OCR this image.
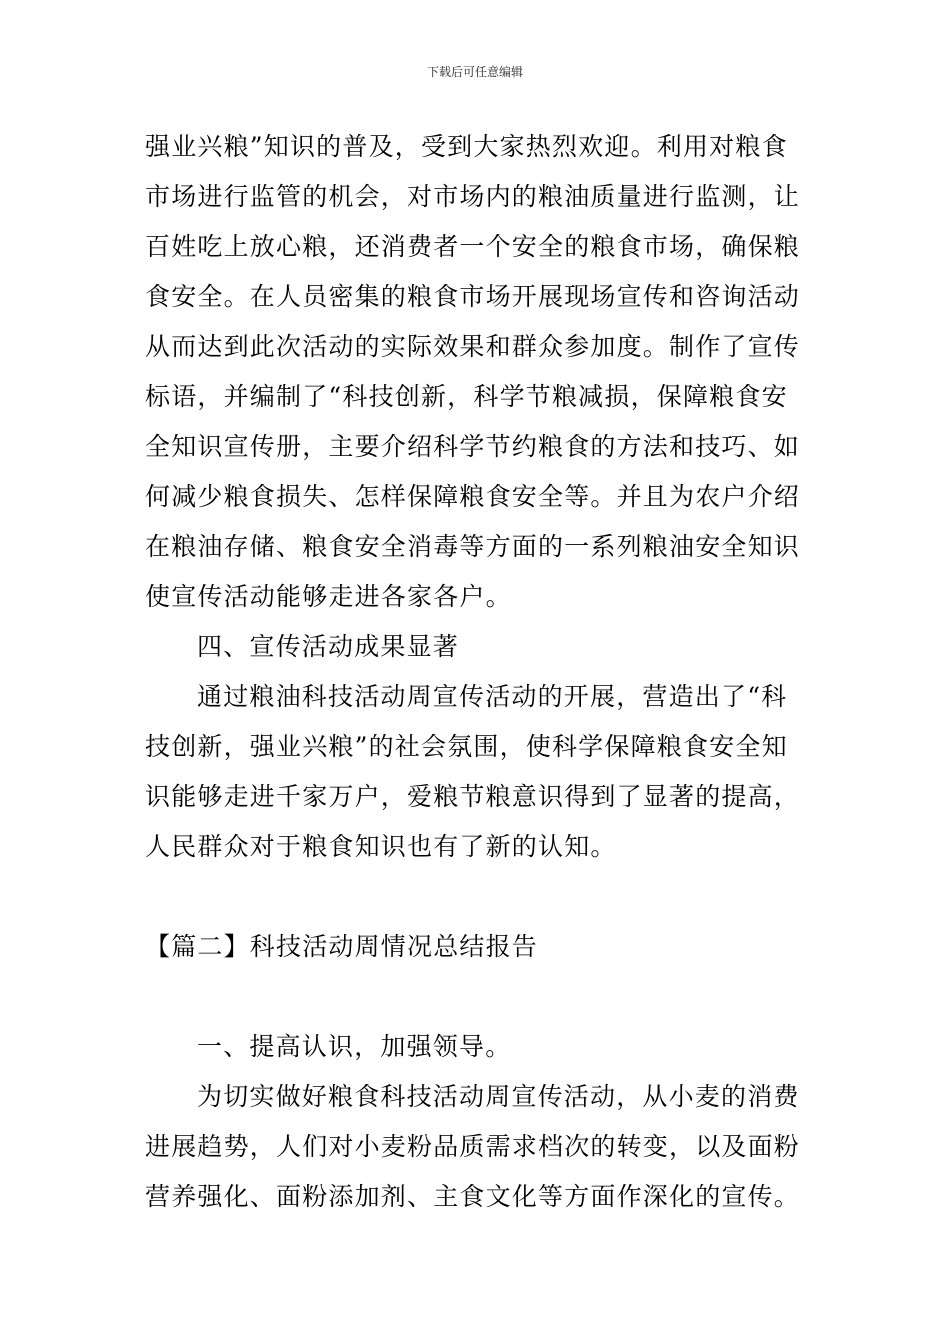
下载后可任意编辑
强业兴粮”知识的普及，受到大家热烈欢迎。利用对粮食
市场进行监管的机会，对市场内的粮油质量进行监测，让
百姓吃上放心粮，还消费者一个安全的粮食市场，确保粮
食安全。在人员密集的粮食市场开展现场宣传和咨询活动
从而达到此次活动的实际效果和群众参加度。制作了宣传
标语，并编制了“科技创新，科学节粮减损，保障粮食安
全知识宣传册，主要介绍科学节约粮食的方法和技巧、如
何减少粮食损失、怎样保障粮食安全等。并且为农户介绍
在粮油存储、粮食安全消毒等方面的一系列粮油安全知识
使宣传活动能够走进各家各户。
四、宣传活动成果显著
通过粮油科技活动周宣传活动的开展，营造出了“科
技创新，强业兴粮”的社会氛围，使科学保障粮食安全知
识能够走进千家万户，爱粮节粮意识得到了显著的提高，
人民群众对于粮食知识也有了新的认知。
【篇二】科技活动周情况总结报告
一、提高认识，加强领导。
为切实做好粮食科技活动周宣传活动，从小麦的消费
进展趋势，人们对小麦粉品质需求档次的转变，以及面粉
营养强化、面粉添加剂、主食文化等方面作深化的宣传。
